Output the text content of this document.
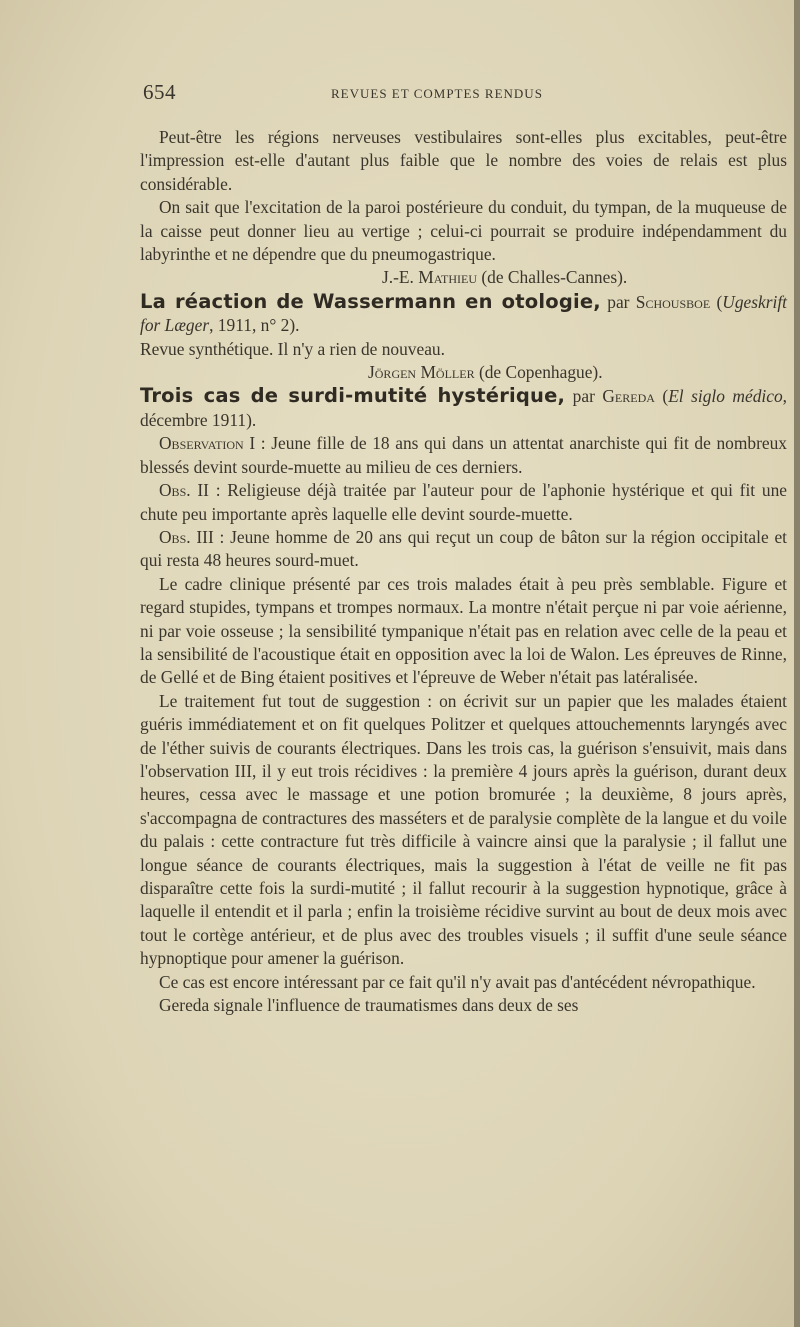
654	REVUES ET COMPTES RENDUS

Peut-être les régions nerveuses vestibulaires sont-elles plus excitables, peut-être l'impression est-elle d'autant plus faible que le nombre des voies de relais est plus considérable.

On sait que l'excitation de la paroi postérieure du conduit, du tympan, de la muqueuse de la caisse peut donner lieu au vertige ; celui-ci pourrait se produire indépendamment du labyrinthe et ne dépendre que du pneumogastrique.

J.-E. Mathieu (de Challes-Cannes).

La réaction de Wassermann en otologie, par Schousboe (Ugeskrift for Læger, 1911, n° 2).

Revue synthétique. Il n'y a rien de nouveau.

Jörgen Möller (de Copenhague).

Trois cas de surdi-mutité hystérique, par Gereda (El siglo médico, décembre 1911).

Observation I : Jeune fille de 18 ans qui dans un attentat anarchiste qui fit de nombreux blessés devint sourde-muette au milieu de ces derniers.

Obs. II : Religieuse déjà traitée par l'auteur pour de l'aphonie hystérique et qui fit une chute peu importante après laquelle elle devint sourde-muette.

Obs. III : Jeune homme de 20 ans qui reçut un coup de bâton sur la région occipitale et qui resta 48 heures sourd-muet.

Le cadre clinique présenté par ces trois malades était à peu près semblable. Figure et regard stupides, tympans et trompes normaux. La montre n'était perçue ni par voie aérienne, ni par voie osseuse ; la sensibilité tympanique n'était pas en relation avec celle de la peau et la sensibilité de l'acoustique était en opposition avec la loi de Walon. Les épreuves de Rinne, de Gellé et de Bing étaient positives et l'épreuve de Weber n'était pas latéralisée.

Le traitement fut tout de suggestion : on écrivit sur un papier que les malades étaient guéris immédiatement et on fit quelques Politzer et quelques attouchemennts laryngés avec de l'éther suivis de courants électriques. Dans les trois cas, la guérison s'ensuivit, mais dans l'observation III, il y eut trois récidives : la première 4 jours après la guérison, durant deux heures, cessa avec le massage et une potion bromurée ; la deuxième, 8 jours après, s'accompagna de contractures des masséters et de paralysie complète de la langue et du voile du palais : cette contracture fut très difficile à vaincre ainsi que la paralysie ; il fallut une longue séance de courants électriques, mais la suggestion à l'état de veille ne fit pas disparaître cette fois la surdi-mutité ; il fallut recourir à la suggestion hypnotique, grâce à laquelle il entendit et il parla ; enfin la troisième récidive survint au bout de deux mois avec tout le cortège antérieur, et de plus avec des troubles visuels ; il suffit d'une seule séance hypnoptique pour amener la guérison.

Ce cas est encore intéressant par ce fait qu'il n'y avait pas d'antécédent névropathique.

Gereda signale l'influence de traumatismes dans deux de ses
